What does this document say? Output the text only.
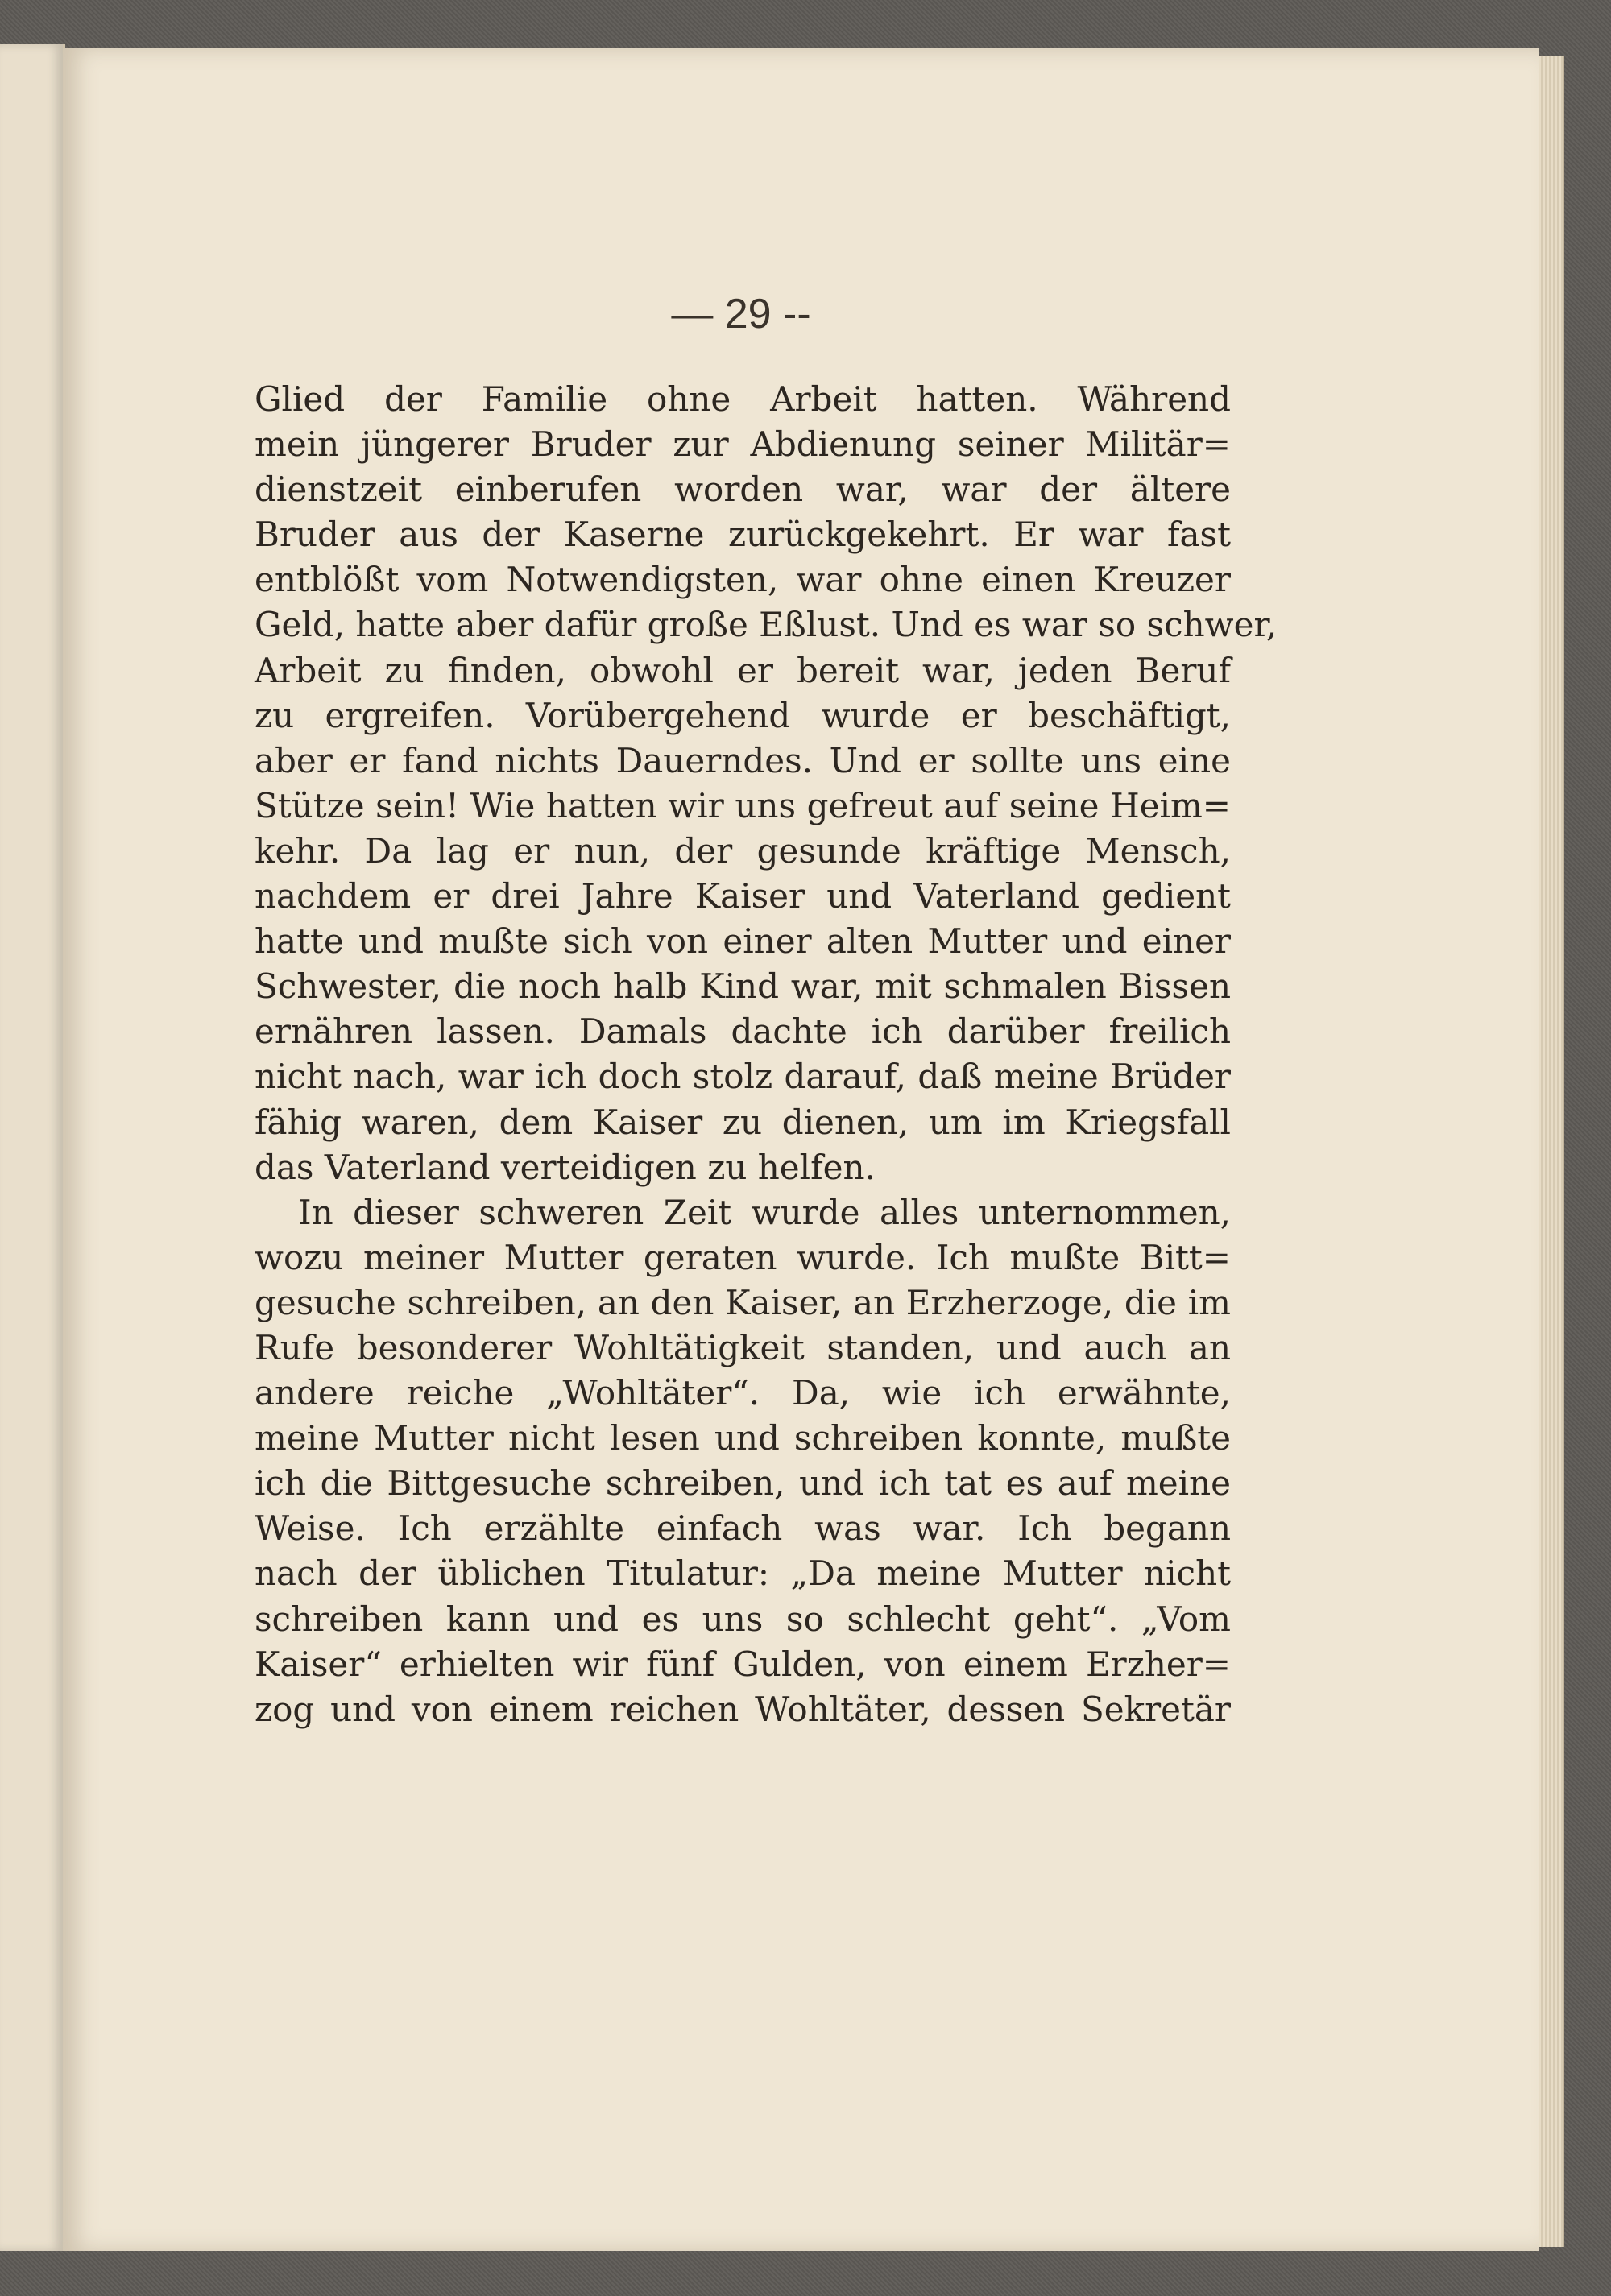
— 29 --
Glied der Familie ohne Arbeit hatten. Während
mein jüngerer Bruder zur Abdienung seiner Militär=
dienstzeit einberufen worden war, war der ältere
Bruder aus der Kaserne zurückgekehrt. Er war fast
entblößt vom Notwendigsten, war ohne einen Kreuzer
Geld, hatte aber dafür große Eßlust. Und es war so schwer,
Arbeit zu finden, obwohl er bereit war, jeden Beruf
zu ergreifen. Vorübergehend wurde er beschäftigt,
aber er fand nichts Dauerndes. Und er sollte uns eine
Stütze sein! Wie hatten wir uns gefreut auf seine Heim=
kehr. Da lag er nun, der gesunde kräftige Mensch,
nachdem er drei Jahre Kaiser und Vaterland gedient
hatte und mußte sich von einer alten Mutter und einer
Schwester, die noch halb Kind war, mit schmalen Bissen
ernähren lassen. Damals dachte ich darüber freilich
nicht nach, war ich doch stolz darauf, daß meine Brüder
fähig waren, dem Kaiser zu dienen, um im Kriegsfall
das Vaterland verteidigen zu helfen.
In dieser schweren Zeit wurde alles unternommen,
wozu meiner Mutter geraten wurde. Ich mußte Bitt=
gesuche schreiben, an den Kaiser, an Erzherzoge, die im
Rufe besonderer Wohltätigkeit standen, und auch an
andere reiche „Wohltäter“. Da, wie ich erwähnte,
meine Mutter nicht lesen und schreiben konnte, mußte
ich die Bittgesuche schreiben, und ich tat es auf meine
Weise. Ich erzählte einfach was war. Ich begann
nach der üblichen Titulatur: „Da meine Mutter nicht
schreiben kann und es uns so schlecht geht“. „Vom
Kaiser“ erhielten wir fünf Gulden, von einem Erzher=
zog und von einem reichen Wohltäter, dessen Sekretär
